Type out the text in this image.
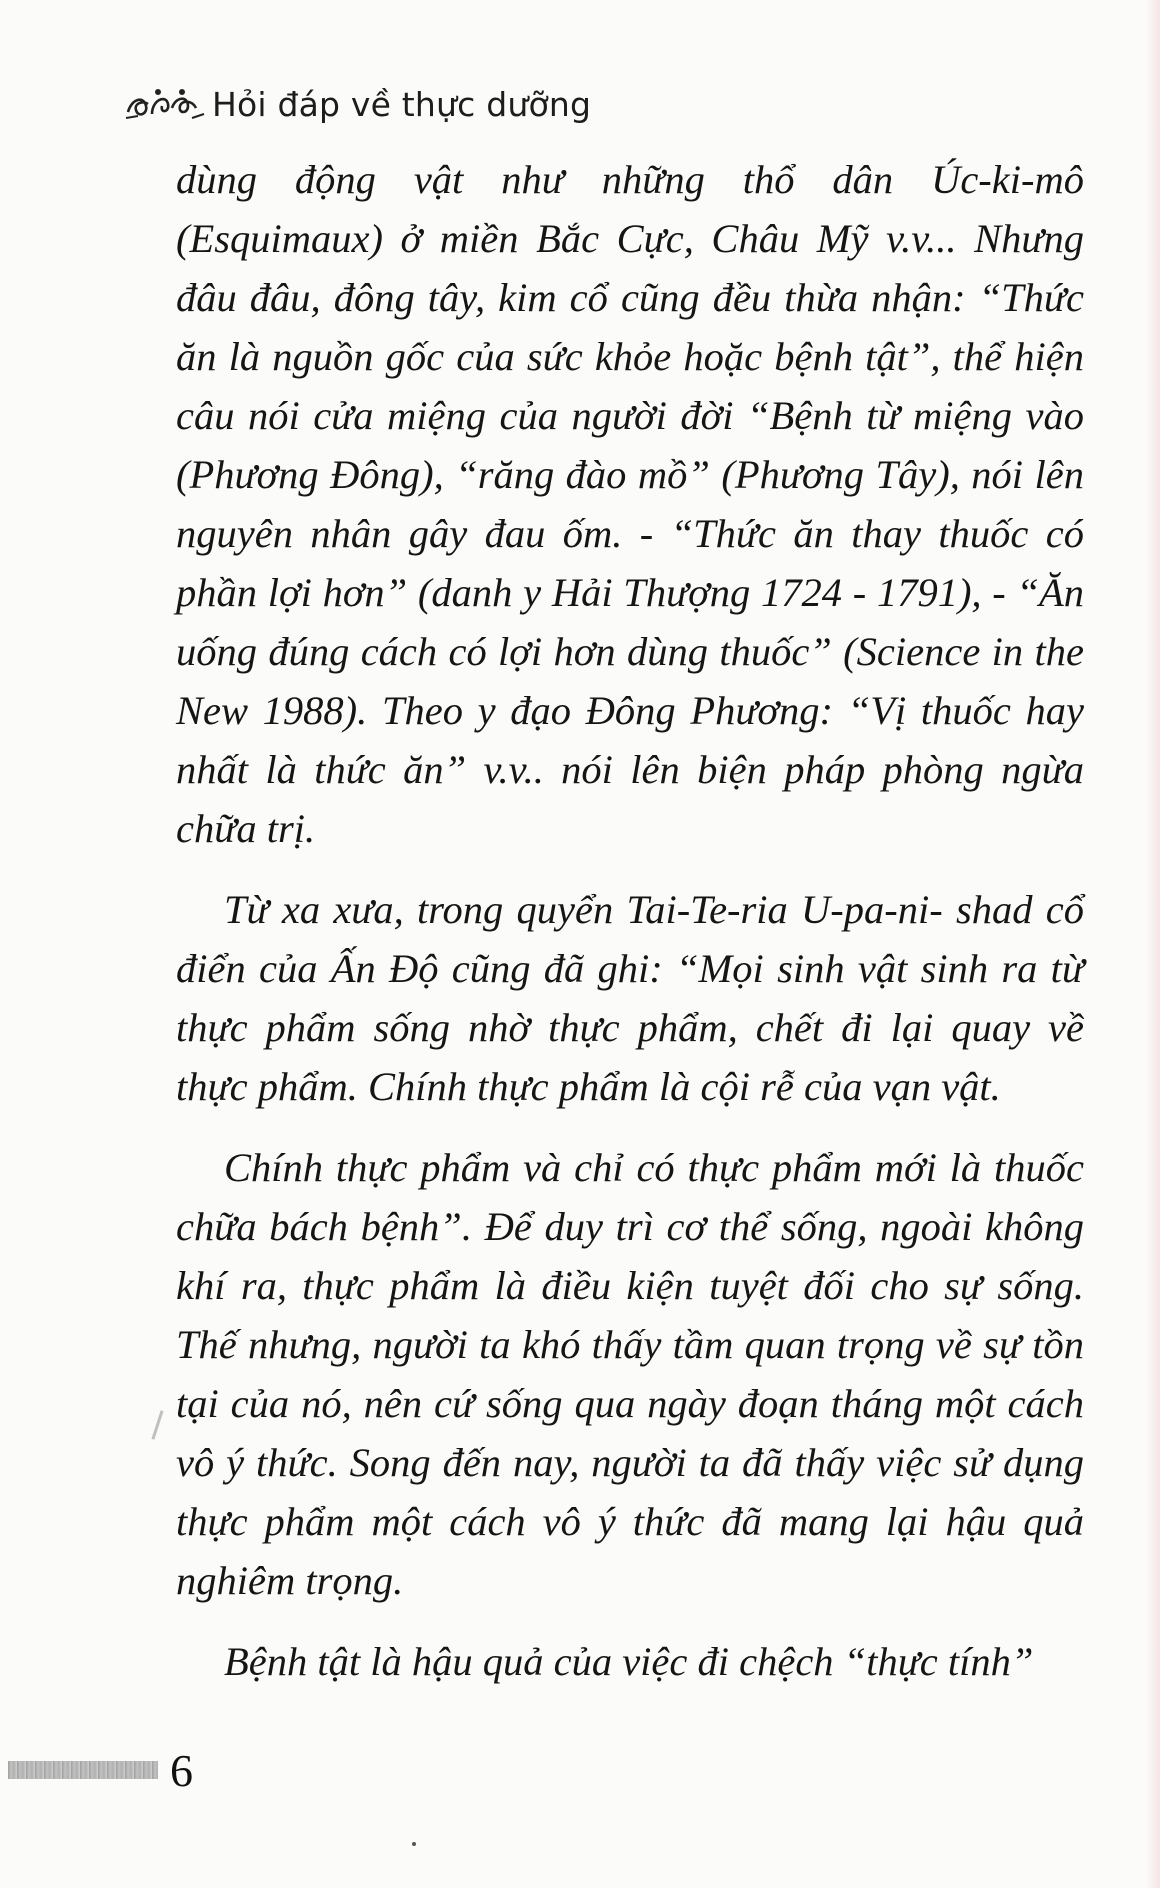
Hỏi đáp về thực dưỡng

dùng động vật như những thổ dân Úc-ki-mô (Esquimaux) ở miền Bắc Cực, Châu Mỹ v.v... Nhưng đâu đâu, đông tây, kim cổ cũng đều thừa nhận: “Thức ăn là nguồn gốc của sức khỏe hoặc bệnh tật”, thể hiện câu nói cửa miệng của người đời “Bệnh từ miệng vào (Phương Đông), “răng đào mồ” (Phương Tây), nói lên nguyên nhân gây đau ốm. - “Thức ăn thay thuốc có phần lợi hơn” (danh y Hải Thượng 1724 - 1791), - “Ăn uống đúng cách có lợi hơn dùng thuốc” (Science in the New 1988). Theo y đạo Đông Phương: “Vị thuốc hay nhất là thức ăn” v.v.. nói lên biện pháp phòng ngừa chữa trị.

Từ xa xưa, trong quyển Tai-Te-ria U-pa-ni- shad cổ điển của Ấn Độ cũng đã ghi: “Mọi sinh vật sinh ra từ thực phẩm sống nhờ thực phẩm, chết đi lại quay về thực phẩm. Chính thực phẩm là cội rễ của vạn vật.

Chính thực phẩm và chỉ có thực phẩm mới là thuốc chữa bách bệnh”. Để duy trì cơ thể sống, ngoài không khí ra, thực phẩm là điều kiện tuyệt đối cho sự sống. Thế nhưng, người ta khó thấy tầm quan trọng về sự tồn tại của nó, nên cứ sống qua ngày đoạn tháng một cách vô ý thức. Song đến nay, người ta đã thấy việc sử dụng thực phẩm một cách vô ý thức đã mang lại hậu quả nghiêm trọng.

Bệnh tật là hậu quả của việc đi chệch “thực tính”

6
